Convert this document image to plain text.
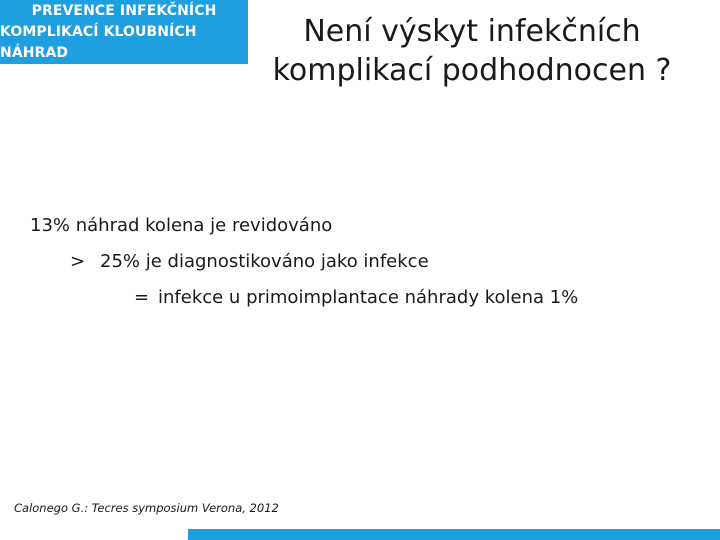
PREVENCE INFEKČNÍCH
KOMPLIKACÍ KLOUBNÍCH NÁHRAD
Není výskyt infekčních
komplikací podhodnocen ?
13% náhrad kolena je revidováno
> 25% je diagnostikováno jako infekce
= infekce u primoimplantace náhrady kolena 1%
Calonego G.: Tecres symposium Verona, 2012
